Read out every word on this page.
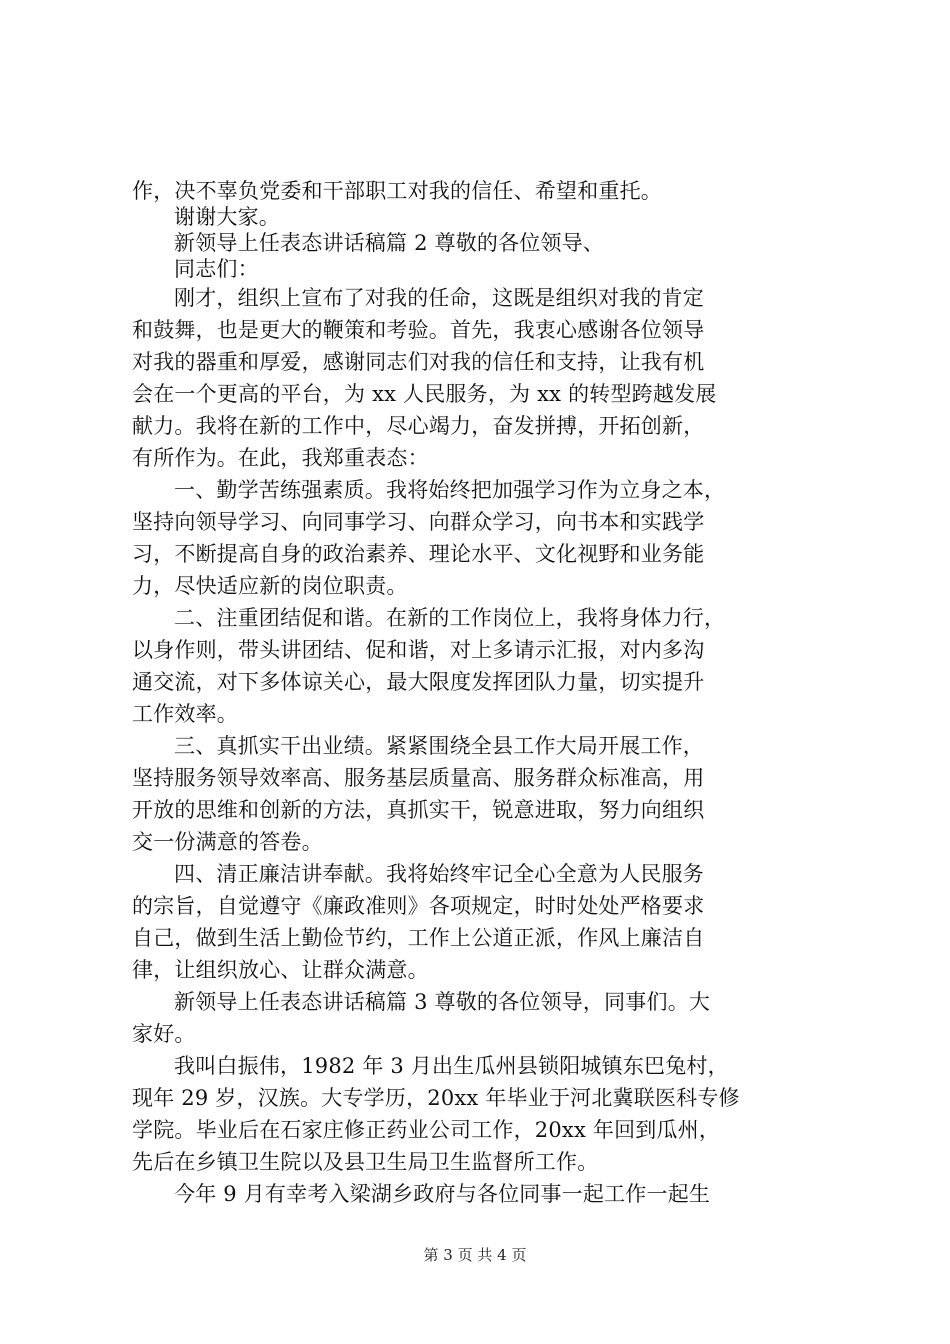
作，决不辜负党委和干部职工对我的信任、希望和重托。
谢谢大家。
新领导上任表态讲话稿篇 2 尊敬的各位领导、
同志们：
刚才，组织上宣布了对我的任命，这既是组织对我的肯定
和鼓舞，也是更大的鞭策和考验。首先，我衷心感谢各位领导
对我的器重和厚爱，感谢同志们对我的信任和支持，让我有机
会在一个更高的平台，为 xx 人民服务，为 xx 的转型跨越发展
献力。我将在新的工作中，尽心竭力，奋发拼搏，开拓创新，
有所作为。在此，我郑重表态：
一、勤学苦练强素质。我将始终把加强学习作为立身之本，
坚持向领导学习、向同事学习、向群众学习，向书本和实践学
习，不断提高自身的政治素养、理论水平、文化视野和业务能
力，尽快适应新的岗位职责。
二、注重团结促和谐。在新的工作岗位上，我将身体力行，
以身作则，带头讲团结、促和谐，对上多请示汇报，对内多沟
通交流，对下多体谅关心，最大限度发挥团队力量，切实提升
工作效率。
三、真抓实干出业绩。紧紧围绕全县工作大局开展工作，
坚持服务领导效率高、服务基层质量高、服务群众标准高，用
开放的思维和创新的方法，真抓实干，锐意进取，努力向组织
交一份满意的答卷。
四、清正廉洁讲奉献。我将始终牢记全心全意为人民服务
的宗旨，自觉遵守《廉政准则》各项规定，时时处处严格要求
自己，做到生活上勤俭节约，工作上公道正派，作风上廉洁自
律，让组织放心、让群众满意。
新领导上任表态讲话稿篇 3 尊敬的各位领导，同事们。大
家好。
我叫白振伟，1982 年 3 月出生瓜州县锁阳城镇东巴兔村，
现年 29 岁，汉族。大专学历，20xx 年毕业于河北冀联医科专修
学院。毕业后在石家庄修正药业公司工作，20xx 年回到瓜州，
先后在乡镇卫生院以及县卫生局卫生监督所工作。
今年 9 月有幸考入梁湖乡政府与各位同事一起工作一起生
第 3 页 共 4 页
